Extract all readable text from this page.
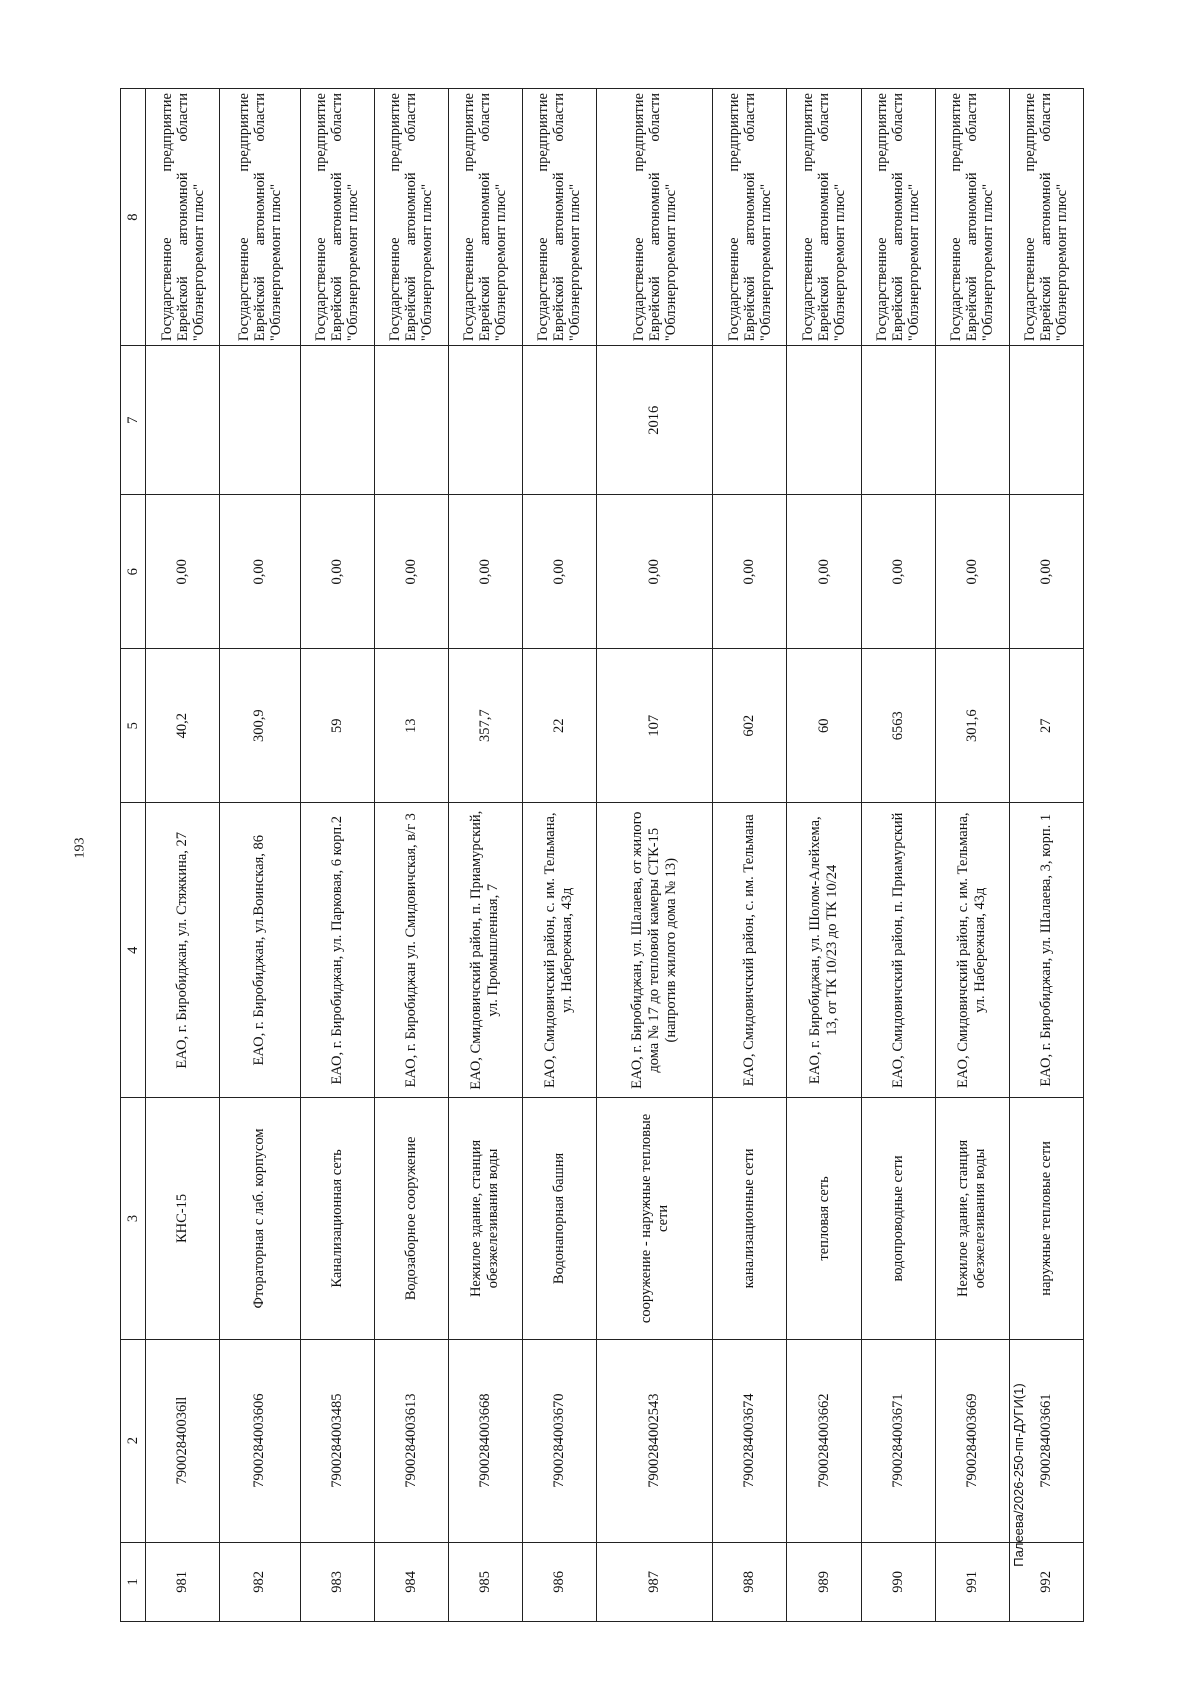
193
1	2	3	4	5	6	7	8
981	79002840036ll	КНС-15	ЕАО, г. Биробиджан, ул. Стяжкина, 27	40,2	0,00		Государственное предприятие Еврейской автономной области "Облэнергоремонт плюс"

982	7900284003606	Фтораторная с лаб. корпусом	ЕАО, г. Биробиджан, ул.Воинская, 86	300,9	0,00		Государственное предприятие Еврейской автономной области "Облэнергоремонт плюс"

983	7900284003485	Канализационная сеть	ЕАО, г. Биробиджан, ул. Парковая, 6 корп.2	59	0,00		Государственное предприятие Еврейской автономной области "Облэнергоремонт плюс"

984	7900284003613	Водозаборное сооружение	ЕАО, г. Биробиджан ул. Смидовичская, в/г 3	13	0,00		Государственное предприятие Еврейской автономной области "Облэнергоремонт плюс"

985	7900284003668	Нежилое здание, станция обезжелезивания воды	ЕАО, Смидовичский район, п. Приамурский, ул. Промышленная, 7	357,7	0,00		Государственное предприятие Еврейской автономной области "Облэнергоремонт плюс"

986	7900284003670	Водонапорная башня	ЕАО, Смидовичский район, с. им. Тельмана, ул. Набережная, 43д	22	0,00		Государственное предприятие Еврейской автономной области "Облэнергоремонт плюс"

987	7900284002543	сооружение - наружные тепловые сети	ЕАО, г. Биробиджан, ул. Шалаева, от жилого дома № 17 до тепловой камеры СТК-15 (напротив жилого дома № 13)	107	0,00	2016	Государственное предприятие Еврейской автономной области "Облэнергоремонт плюс"

988	7900284003674	канализационные сети	ЕАО, Смидовичский район, с. им. Тельмана	602	0,00		Государственное предприятие Еврейской автономной области "Облэнергоремонт плюс"

989	7900284003662	тепловая сеть	ЕАО, г. Биробиджан, ул. Шолом-Алейхема, 13, от ТК 10/23 до ТК 10/24	60	0,00		Государственное предприятие Еврейской автономной области "Облэнергоремонт плюс"

990	7900284003671	водопроводные сети	ЕАО, Смидовичский район, п. Приамурский	6563	0,00		Государственное предприятие Еврейской автономной области "Облэнергоремонт плюс"

991	7900284003669	Нежилое здание, станция обезжелезивания воды	ЕАО, Смидовичский район, с. им. Тельмана, ул. Набережная, 43д	301,6	0,00		Государственное предприятие Еврейской автономной области "Облэнергоремонт плюс"

992	7900284003661	наружные тепловые сети	ЕАО, г. Биробиджан, ул. Шалаева, 3, корп. 1	27	0,00		Государственное предприятие Еврейской автономной области "Облэнергоремонт плюс"
Палеева/2026-250-пп-ДУГИ(1)
